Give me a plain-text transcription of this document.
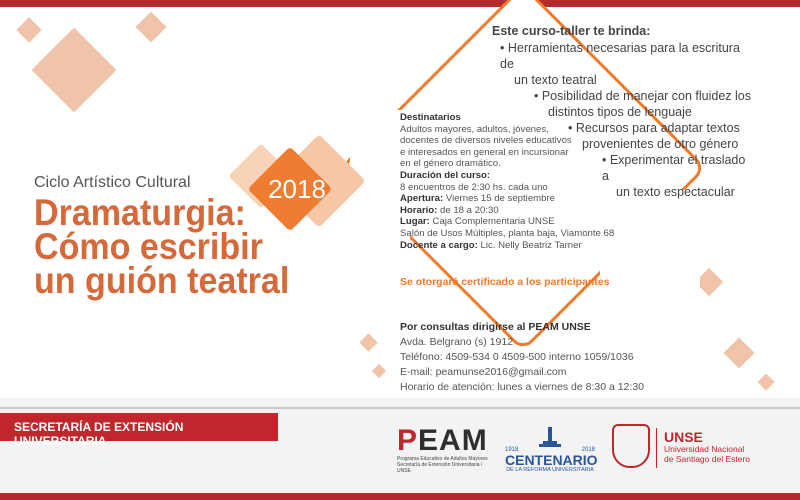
2018
Ciclo Artístico Cultural
Dramaturgia:
Cómo escribir
un guión teatral
Este curso-taller te brinda:
• Herramientas necesarias para la escritura de
un texto teatral
• Posibilidad de manejar con fluidez los
distintos tipos de lenguaje
• Recursos para adaptar textos
provenientes de otro género
• Experimentar el traslado a
un texto espectacular
Destinatarios
Adultos mayores, adultos, jóvenes,
docentes de diversos niveles educativos
e interesados en general en incursionar
en el género dramático.
Duración del curso:
8 encuentros de 2:30 hs. cada uno
Apertura: Viernes 15 de septiembre
Horario: de 18 a 20:30
Lugar: Caja Complementaria UNSE
Salón de Usos Múltiples, planta baja, Viamonte 68
Docente a cargo: Lic. Nelly Beatriz Tarner
Se otorgará certificado a los participantes
Por consultas dirigirse al PEAM UNSE
Avda. Belgrano (s) 1912
Teléfono: 4509-534 0 4509-500 interno 1059/1036
E-mail: peamunse2016@gmail.com
Horario de atención: lunes a viernes de 8:30 a 12:30
SECRETARÍA DE EXTENSIÓN UNIVERSITARIA	PEAM
Programa Educativo de Adultos Mayores
Secretaría de Extensión Universitaria / UNSE
1918	2018
CENTENARIO
DE LA REFORMA UNIVERSITARIA
UNSE
Universidad Nacional
de Santiago del Estero
